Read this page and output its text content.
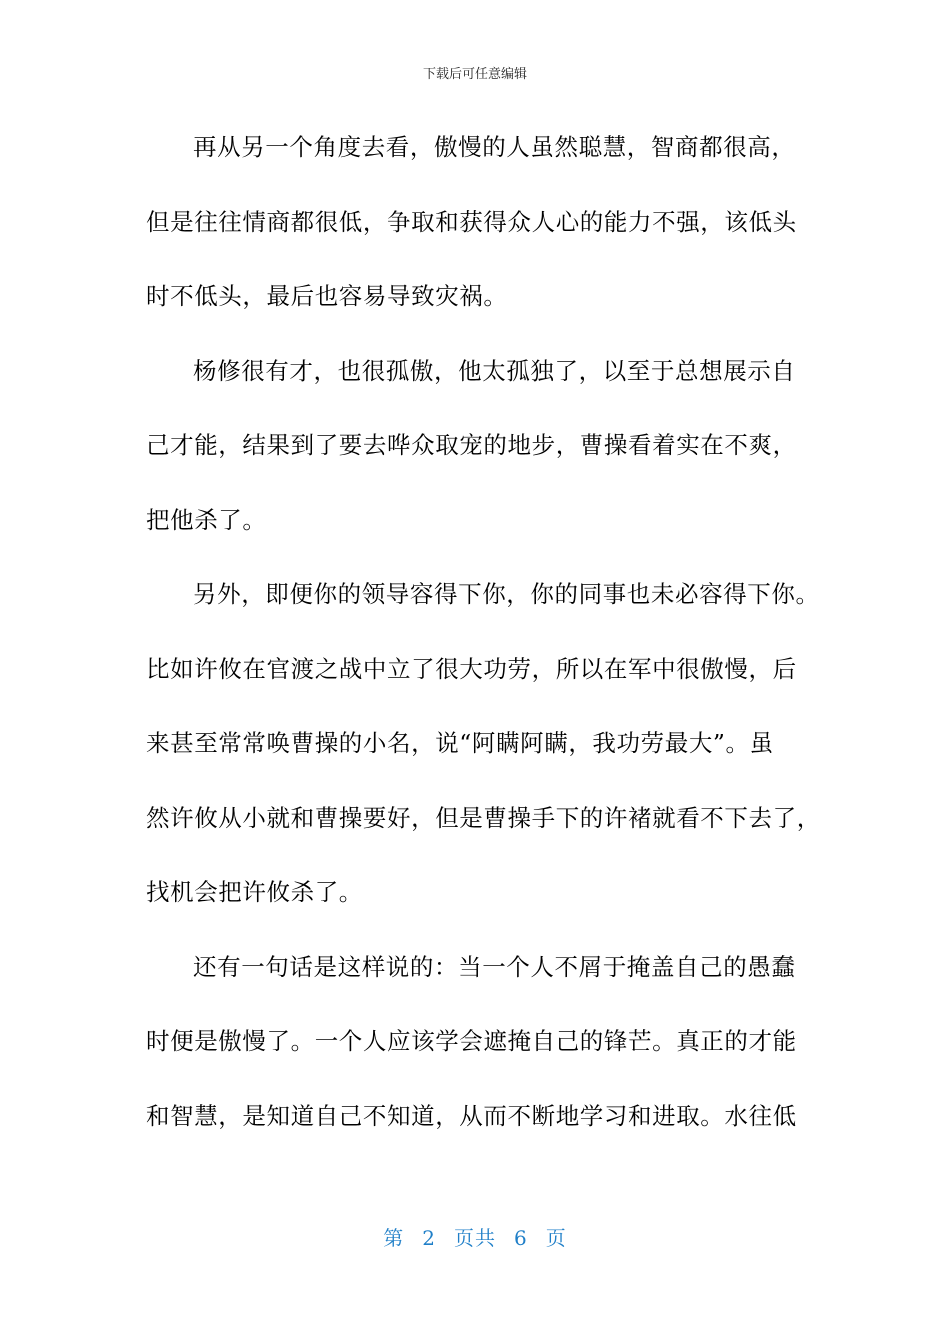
下载后可任意编辑
再从另一个角度去看，傲慢的人虽然聪慧，智商都很高，
但是往往情商都很低，争取和获得众人心的能力不强，该低头
时不低头，最后也容易导致灾祸。
杨修很有才，也很孤傲，他太孤独了，以至于总想展示自
己才能，结果到了要去哗众取宠的地步，曹操看着实在不爽，
把他杀了。
另外，即便你的领导容得下你，你的同事也未必容得下你。
比如许攸在官渡之战中立了很大功劳，所以在军中很傲慢，后
来甚至常常唤曹操的小名，说“阿瞒阿瞒，我功劳最大”。虽
然许攸从小就和曹操要好，但是曹操手下的许褚就看不下去了，
找机会把许攸杀了。
还有一句话是这样说的：当一个人不屑于掩盖自己的愚蠢
时便是傲慢了。一个人应该学会遮掩自己的锋芒。真正的才能
和智慧，是知道自己不知道，从而不断地学习和进取。水往低
第 2 页共 6 页
